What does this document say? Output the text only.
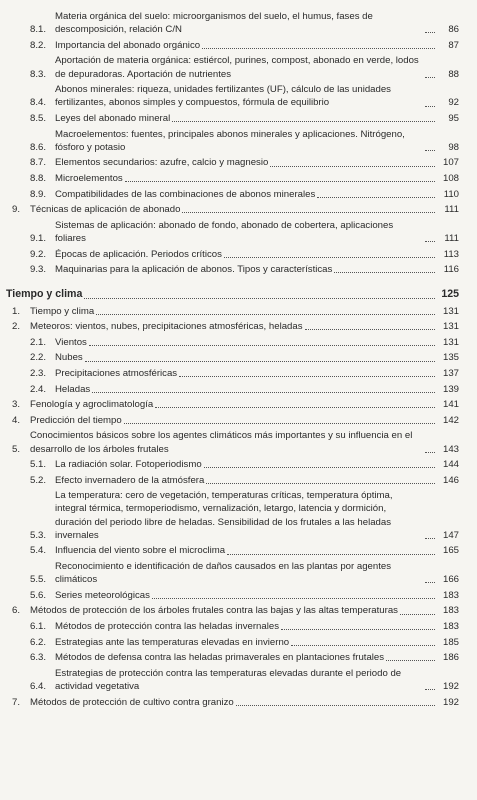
8.1.
Materia orgánica del suelo: microorganismos del suelo, el humus, fases de descomposición, relación C/N	86
8.2. Importancia del abonado orgánico	87
8.3.
Aportación de materia orgánica: estiércol, purines, compost, abonado en verde, lodos de depuradoras. Aportación de nutrientes	88
8.4.
Abonos minerales: riqueza, unidades fertilizantes (UF), cálculo de las unidades fertilizantes, abonos simples y compuestos, fórmula de equilibrio	92
8.5. Leyes del abonado mineral	95
8.6.
Macroelementos: fuentes, principales abonos minerales y aplicaciones. Nitrógeno, fósforo y potasio	98
8.7. Elementos secundarios: azufre, calcio y magnesio	107
8.8. Microelementos	108
8.9. Compatibilidades de las combinaciones de abonos minerales	110
9.	Técnicas de aplicación de abonado	111
9.1.
Sistemas de aplicación: abonado de fondo, abonado de cobertera, aplicaciones foliares	111
9.2. Épocas de aplicación. Periodos críticos	113
9.3. Maquinarias para la aplicación de abonos. Tipos y características	116
Tiempo y clima	125
1.	Tiempo y clima	131
2.	Meteoros: vientos, nubes, precipitaciones atmosféricas, heladas	131
2.1. Vientos	131
2.2. Nubes	135
2.3. Precipitaciones atmosféricas	137
2.4. Heladas	139
3.	Fenología y agroclimatología	141
4.	Predicción del tiempo	142
5.
Conocimientos básicos sobre los agentes climáticos más importantes y su influencia en el desarrollo de los árboles frutales	143
5.1. La radiación solar. Fotoperiodismo	144
5.2. Efecto invernadero de la atmósfera	146
5.3.
La temperatura: cero de vegetación, temperaturas críticas, temperatura óptima, integral térmica, termoperiodismo, vernalización, letargo, latencia y dormición, duración del periodo libre de heladas. Sensibilidad de los frutales a las heladas invernales	147
5.4. Influencia del viento sobre el microclima	165
5.5.
Reconocimiento e identificación de daños causados en las plantas por agentes climáticos	166
5.6. Series meteorológicas	183
6.	Métodos de protección de los árboles frutales contra las bajas y las altas temperaturas	183
6.1. Métodos de protección contra las heladas invernales	183
6.2. Estrategias ante las temperaturas elevadas en invierno	185
6.3. Métodos de defensa contra las heladas primaverales en plantaciones frutales	186
6.4.
Estrategias de protección contra las temperaturas elevadas durante el periodo de actividad vegetativa	192
7.	Métodos de protección de cultivo contra granizo	192
